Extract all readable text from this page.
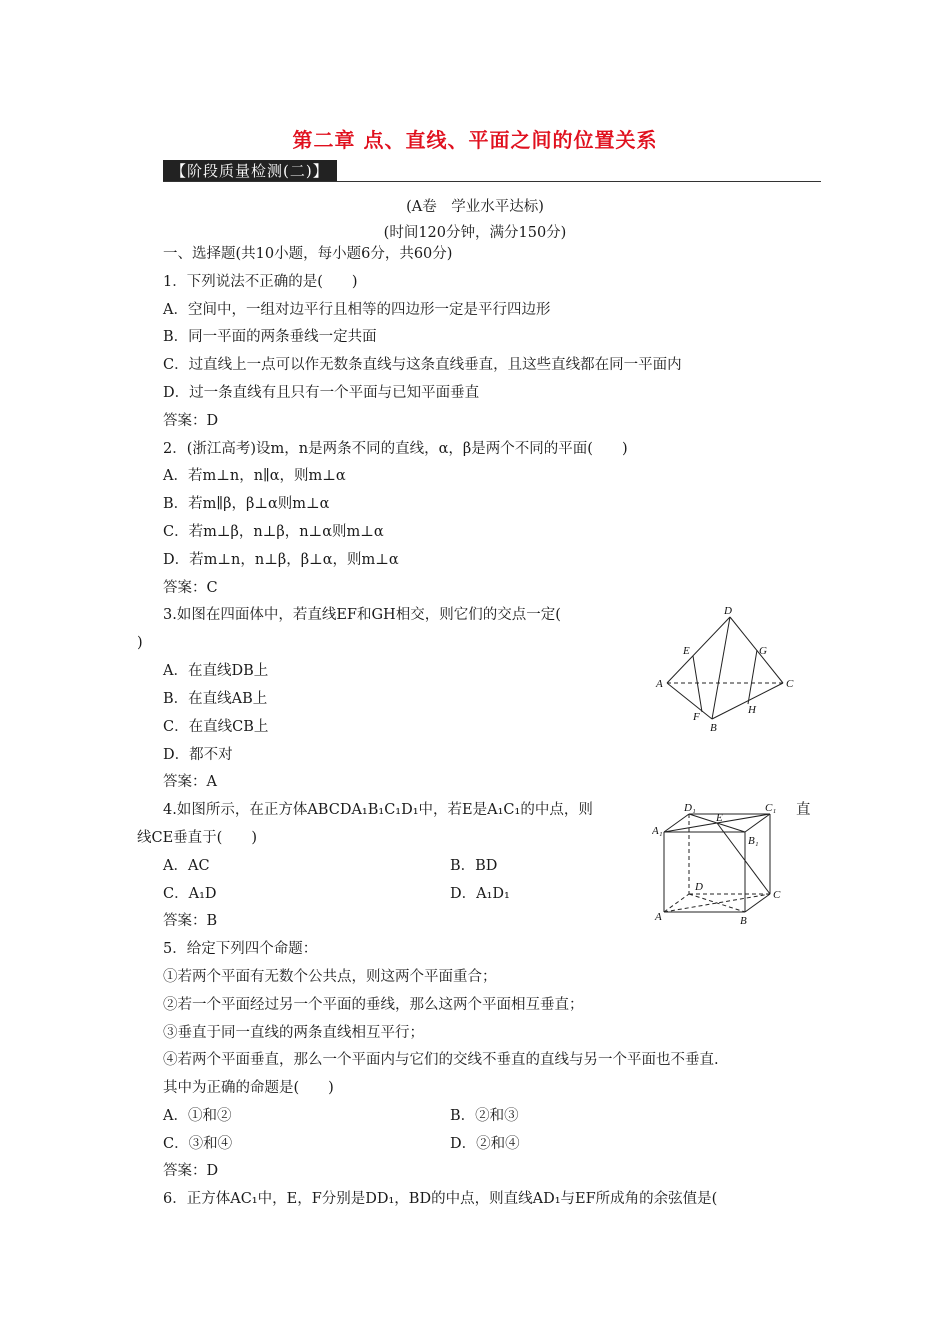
第二章 点、直线、平面之间的位置关系
【阶段质量检测(二)】
(A卷　学业水平达标)
(时间120分钟，满分150分)
一、选择题(共10小题，每小题6分，共60分)
1．下列说法不正确的是(　　)
A．空间中，一组对边平行且相等的四边形一定是平行四边形
B．同一平面的两条垂线一定共面
C．过直线上一点可以作无数条直线与这条直线垂直，且这些直线都在同一平面内
D．过一条直线有且只有一个平面与已知平面垂直
答案：D
2．(浙江高考)设m，n是两条不同的直线，α，β是两个不同的平面(　　)
A．若m⊥n，n∥α，则m⊥α
B．若m∥β，β⊥α则m⊥α
C．若m⊥β，n⊥β，n⊥α则m⊥α
D．若m⊥n，n⊥β，β⊥α，则m⊥α
答案：C
3.如图在四面体中，若直线EF和GH相交，则它们的交点一定(
)
A．在直线DB上
B．在直线AB上
C．在直线CB上
D．都不对
答案：A
D
E	G
A	C
F
B
H
4.如图所示，在正方体ABCDA₁B₁C₁D₁中，若E是A₁C₁的中点，则	直
线CE垂直于(　　)
A．AC	B．BD
C．A₁D	D．A₁D₁
答案：B
D₁	C₁
A₁
E
B₁
D
C
A	B
5．给定下列四个命题：
①若两个平面有无数个公共点，则这两个平面重合；
②若一个平面经过另一个平面的垂线，那么这两个平面相互垂直；
③垂直于同一直线的两条直线相互平行；
④若两个平面垂直，那么一个平面内与它们的交线不垂直的直线与另一个平面也不垂直.
其中为正确的命题是(　　)
A．①和②	B．②和③
C．③和④	D．②和④
答案：D
6．正方体AC₁中，E，F分别是DD₁，BD的中点，则直线AD₁与EF所成角的余弦值是(
